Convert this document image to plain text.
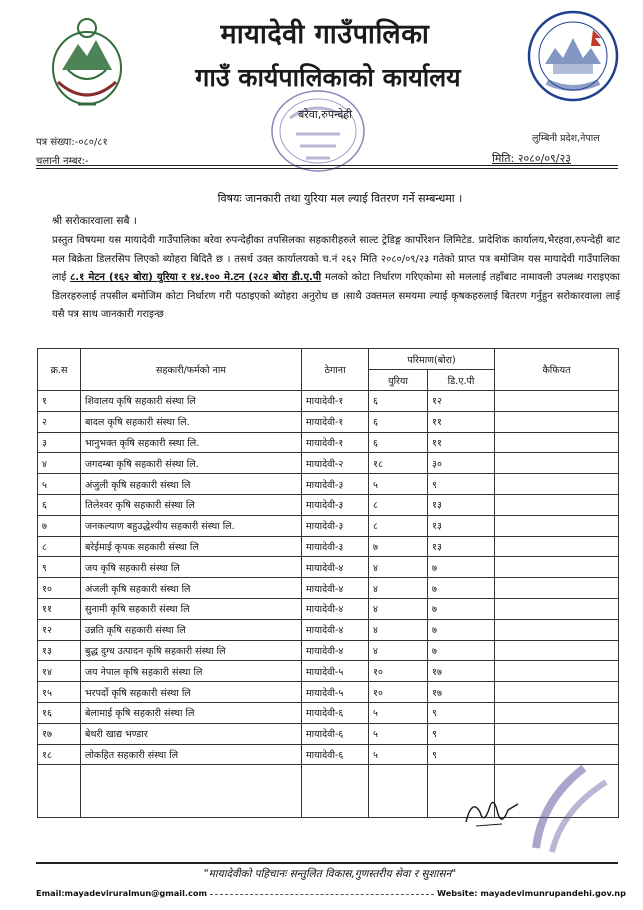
मायादेवी गाउँपालिका
गाउँ कार्यपालिकाको कार्यालय
बरेवा,रुपन्देही
पत्र संख्या:-०८०/८१
चलानी नम्बर:-
लुम्बिनी प्रदेश,नेपाल
मिति: २०८०/०९/२३
विषयः जानकारी तथा युरिया मल ल्याई वितरण गर्ने सम्बन्धमा ।
श्री सरोकारवाला सबै ।
प्रस्तुत विषयमा यस मायादेवी गाउँपालिका बरेवा रुपन्देहीका तपसिलका सहकारीहरुले साल्ट ट्रेडिङ्ग कार्पोरेशन लिमिटेड. प्रादेशिक कार्यालय,भैरहवा,रुपन्देही बाट मल बिक्रेता डिलरसिप लिएको ब्योहरा बिदितै छ । तसर्थ उक्त कार्यालयको च.नं २६२ मिति २०८०/०९/२३ गतेको प्राप्त पत्र बमोजिम यस मायादेवी गाउँपालिका लाई ८.१ मेटन (१६२ बोरा) युरिया र १४.१०० मे.टन (२८२ बोरा डी.ए.पी मलको कोटा निर्धारण गरिएकोमा सो मललाई तहाँबाट नामावली उपलब्ध गराइएका डिलरहरुलाई तपसील बमोजिम कोटा निर्धारण गरी पठाइएको ब्योहरा अनुरोध छ ।साथै उक्तमल समयमा ल्याई कृषकहरुलाई बितरण गर्नुहुन सरोकारवाला लाई यसै पत्र साथ जानकारी गराइन्छ
क्र.स	सहकारी/फर्मको नाम	ठेगाना	परिमाण(बोरा)		कैफियत
			युरिया	डि.ए.पी	
१	शिवालय कृषि सहकारी संस्था लि	मायादेवी-१	६	१२	
२	बादल कृषि सहकारी संस्था लि.	मायादेवी-१	६	११	
३	भानुभक्त कृषि सहकारी स्स्था लि.	मायादेवी-१	६	११	
४	जगदम्बा कृषि सहकारी संस्था लि.	मायादेवी-२	१८	३०	
५	अंजुली कृषि सहकारी संस्था लि	मायादेवी-३	५	९	
६	तिलेश्वर कृषि सहकारी संस्था लि	मायादेवी-३	८	१३	
७	जनकल्याण बहुउद्धेश्यीय सहकारी संस्था लि.	मायादेवी-३	८	१३	
८	बरेईमाई कृपक सहकारी संस्था लि	मायादेवी-३	७	१३	
९	जय कृषि सहकारी संस्था लि	मायादेवी-४	४	७	
१०	अंजली कृषि सहकारी संस्था लि	मायादेवी-४	४	७	
११	सुनामी कृषि सहकारी संस्था लि	मायादेवी-४	४	७	
१२	उन्नति कृषि सहकारी संस्था लि	मायादेवी-४	४	७	
१३	बुद्ध दुग्ध उत्पादन कृषि सहकारी संस्था लि	मायादेवी-४	४	७	
१४	जय नेपाल कृषि सहकारी संस्था लि	मायादेवी-५	१०	१७	
१५	भरपर्दो कृषि सहकारी संस्था लि	मायादेवी-५	१०	१७	
१६	बेलामाई कृषि सहकारी संस्था लि	मायादेवी-६	५	९	
१७	बेथरी खाद्य भण्डार	मायादेवी-६	५	९	
१८	लोकहित सहकारी संस्था लि	मायादेवी-६	५	९	

"मायादेवीको पहिचानः सन्तुलित विकास,गुणस्तरीय सेवा र सुशासन"
Email:mayadeviruralmun@gmail.com	Website: mayadevimunrupandehi.gov.np
